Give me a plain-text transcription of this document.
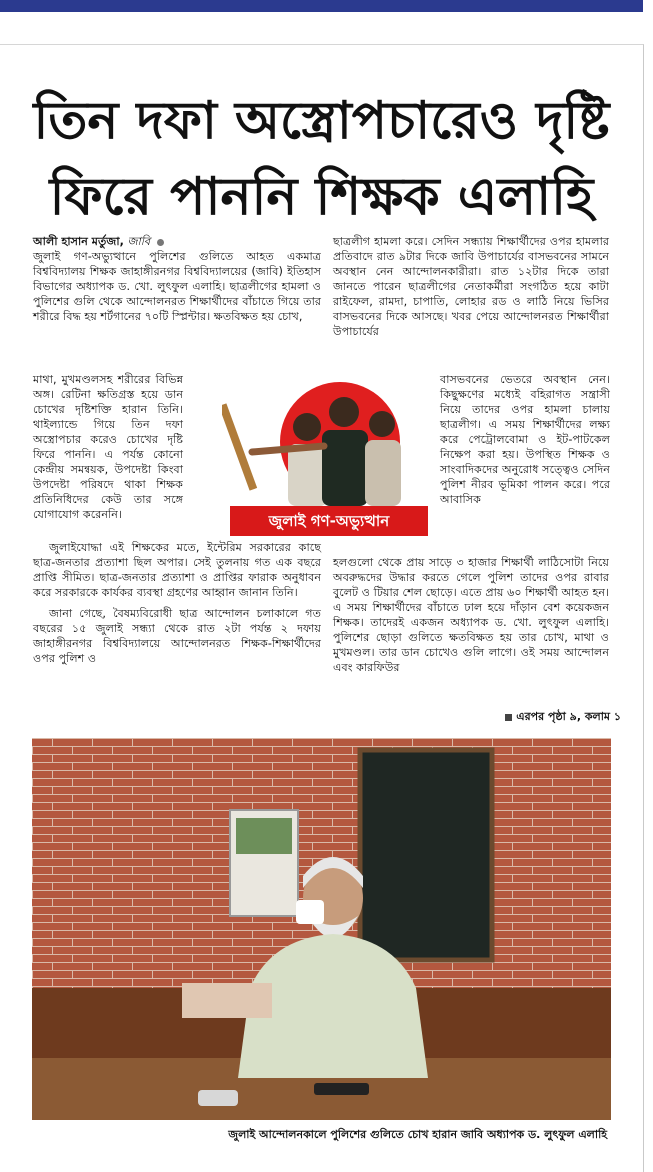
তিন দফা অস্ত্রোপচারেও দৃষ্টি
ফিরে পাননি শিক্ষক এলাহি

আলী হাসান মর্তুজা, জাবি

জুলাই গণ-অভ্যুত্থানে পুলিশের গুলিতে আহত একমাত্র বিশ্ববিদ্যালয় শিক্ষক জাহাঙ্গীরনগর বিশ্ববিদ্যালয়ের (জাবি) ইতিহাস বিভাগের অধ্যাপক ড. খো. লুৎফুল এলাহি। ছাত্রলীগের হামলা ও পুলিশের গুলি থেকে আন্দোলনরত শিক্ষার্থীদের বাঁচাতে গিয়ে তার শরীরে বিদ্ধ হয় শর্টগানের ৭০টি স্প্লিন্টার। ক্ষতবিক্ষত হয় চোখ,

মাথা, মুখমণ্ডলসহ শরীরের বিভিন্ন অঙ্গ। রেটিনা ক্ষতিগ্রস্ত হয়ে ডান চোখের দৃষ্টিশক্তি হারান তিনি। থাইল্যান্ডে গিয়ে তিন দফা অস্ত্রোপচার করেও চোখের দৃষ্টি ফিরে পাননি। এ পর্যন্ত কোনো কেন্দ্রীয় সমন্বয়ক, উপদেষ্টা কিংবা উপদেষ্টা পরিষদে থাকা শিক্ষক প্রতিনিধিদের কেউ তার সঙ্গে যোগাযোগ করেননি।	জুলাই গণ-অভ্যুত্থান

জুলাইযোদ্ধা এই শিক্ষকের মতে, ইন্টেরিম সরকারের কাছে ছাত্র-জনতার প্রত্যাশা ছিল অপার। সেই তুলনায় গত এক বছরে প্রাপ্তি সীমিত। ছাত্র-জনতার প্রত্যাশা ও প্রাপ্তির ফারাক অনুধাবন করে সরকারকে কার্যকর ব্যবস্থা গ্রহণের আহ্বান জানান তিনি।

জানা গেছে, বৈষম্যবিরোধী ছাত্র আন্দোলন চলাকালে গত বছরের ১৫ জুলাই সন্ধ্যা থেকে রাত ২টা পর্যন্ত ২ দফায় জাহাঙ্গীরনগর বিশ্ববিদ্যালয়ে আন্দোলনরত শিক্ষক-শিক্ষার্থীদের ওপর পুলিশ ও

ছাত্রলীগ হামলা করে। সেদিন সন্ধ্যায় শিক্ষার্থীদের ওপর হামলার প্রতিবাদে রাত ৯টার দিকে জাবি উপাচার্যের বাসভবনের সামনে অবস্থান নেন আন্দোলনকারীরা। রাত ১২টার দিকে তারা জানতে পারেন ছাত্রলীগের নেতাকর্মীরা সংগঠিত হয়ে কাটা রাইফেল, রামদা, চাপাতি, লোহার রড ও লাঠি নিয়ে ভিসির বাসভবনের দিকে আসছে। খবর পেয়ে আন্দোলনরত শিক্ষার্থীরা উপাচার্যের

বাসভবনের ভেতরে অবস্থান নেন। কিছুক্ষণের মধ্যেই বহিরাগত সন্ত্রাসী নিয়ে তাদের ওপর হামলা চালায় ছাত্রলীগ। এ সময় শিক্ষার্থীদের লক্ষ্য করে পেট্রোলবোমা ও ইট-পাটকেল নিক্ষেপ করা হয়। উপস্থিত শিক্ষক ও সাংবাদিকদের অনুরোধ সত্ত্বেও সেদিন পুলিশ নীরব ভূমিকা পালন করে। পরে আবাসিক

হলগুলো থেকে প্রায় সাড়ে ৩ হাজার শিক্ষার্থী লাঠিসোটা নিয়ে অবরুদ্ধদের উদ্ধার করতে গেলে পুলিশ তাদের ওপর রাবার বুলেট ও টিয়ার শেল ছোড়ে। এতে প্রায় ৬০ শিক্ষার্থী আহত হন। এ সময় শিক্ষার্থীদের বাঁচাতে ঢাল হয়ে দাঁড়ান বেশ কয়েকজন শিক্ষক। তাদেরই একজন অধ্যাপক ড. খো. লুৎফুল এলাহি। পুলিশের ছোড়া গুলিতে ক্ষতবিক্ষত হয় তার চোখ, মাথা ও মুখমণ্ডল। তার ডান চোখেও গুলি লাগে। ওই সময় আন্দোলন এবং কারফিউর

এরপর পৃষ্ঠা ৯, কলাম ১
জুলাই আন্দোলনকালে পুলিশের গুলিতে চোখ হারান জাবি অধ্যাপক ড. লুৎফুল এলাহি
